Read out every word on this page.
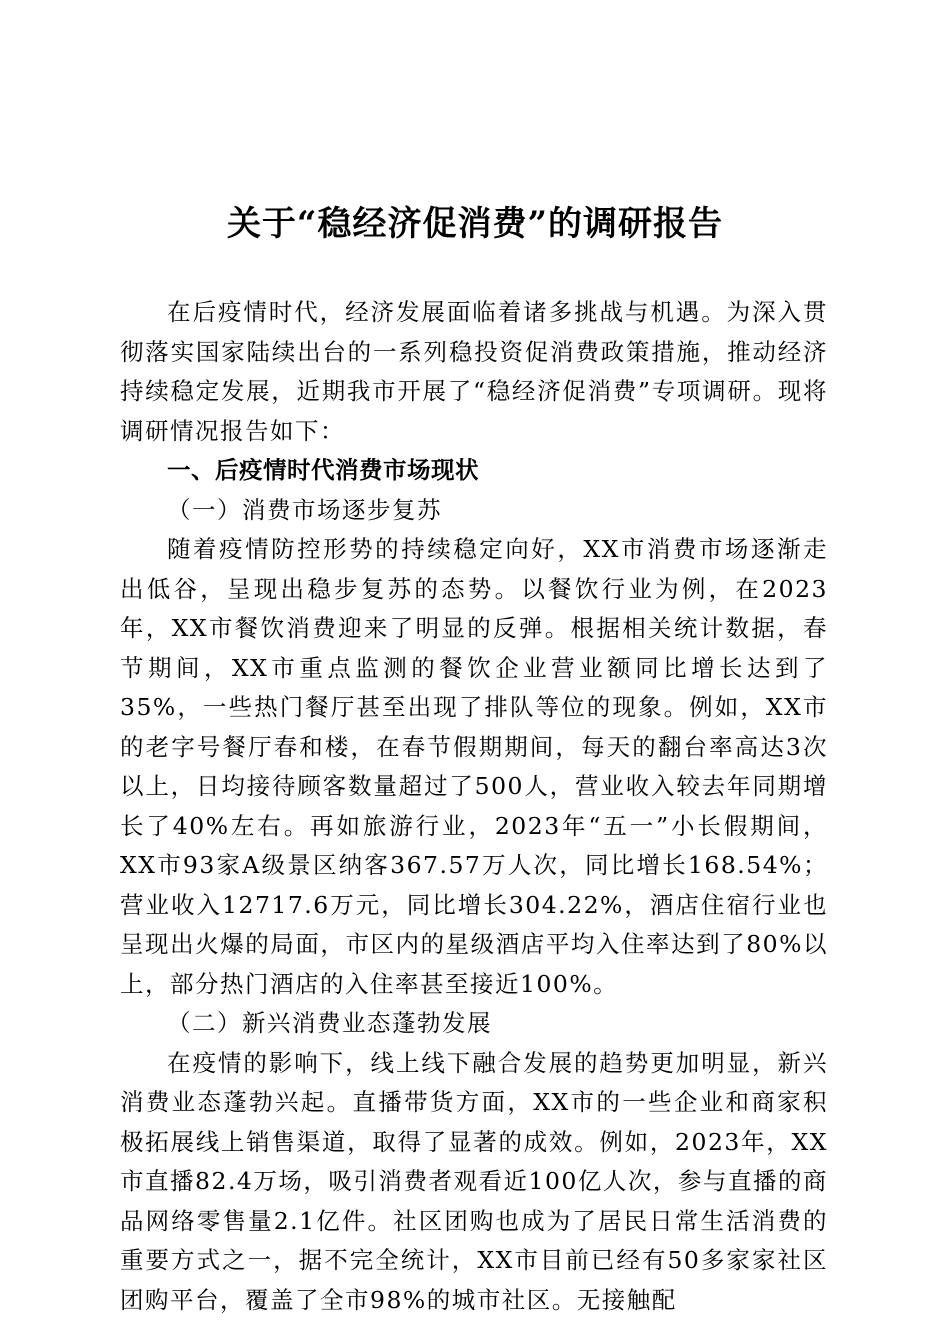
关于“稳经济促消费”的调研报告

在后疫情时代，经济发展面临着诸多挑战与机遇。为深入贯彻落实国家陆续出台的一系列稳投资促消费政策措施，推动经济持续稳定发展，近期我市开展了“稳经济促消费”专项调研。现将调研情况报告如下：

一、后疫情时代消费市场现状

（一）消费市场逐步复苏

随着疫情防控形势的持续稳定向好，XX市消费市场逐渐走出低谷，呈现出稳步复苏的态势。以餐饮行业为例，在2023年，XX市餐饮消费迎来了明显的反弹。根据相关统计数据，春节期间，XX市重点监测的餐饮企业营业额同比增长达到了35%，一些热门餐厅甚至出现了排队等位的现象。例如，XX市的老字号餐厅春和楼，在春节假期期间，每天的翻台率高达3次以上，日均接待顾客数量超过了500人，营业收入较去年同期增长了40%左右。再如旅游行业，2023年“五一”小长假期间，XX市93家A级景区纳客367.57万人次，同比增长168.54%；营业收入12717.6万元，同比增长304.22%，酒店住宿行业也呈现出火爆的局面，市区内的星级酒店平均入住率达到了80%以上，部分热门酒店的入住率甚至接近100%。

（二）新兴消费业态蓬勃发展

在疫情的影响下，线上线下融合发展的趋势更加明显，新兴消费业态蓬勃兴起。直播带货方面，XX市的一些企业和商家积极拓展线上销售渠道，取得了显著的成效。例如，2023年，XX市直播82.4万场，吸引消费者观看近100亿人次，参与直播的商品网络零售量2.1亿件。社区团购也成为了居民日常生活消费的重要方式之一，据不完全统计，XX市目前已经有50多家家社区团购平台，覆盖了全市98%的城市社区。无接触配
